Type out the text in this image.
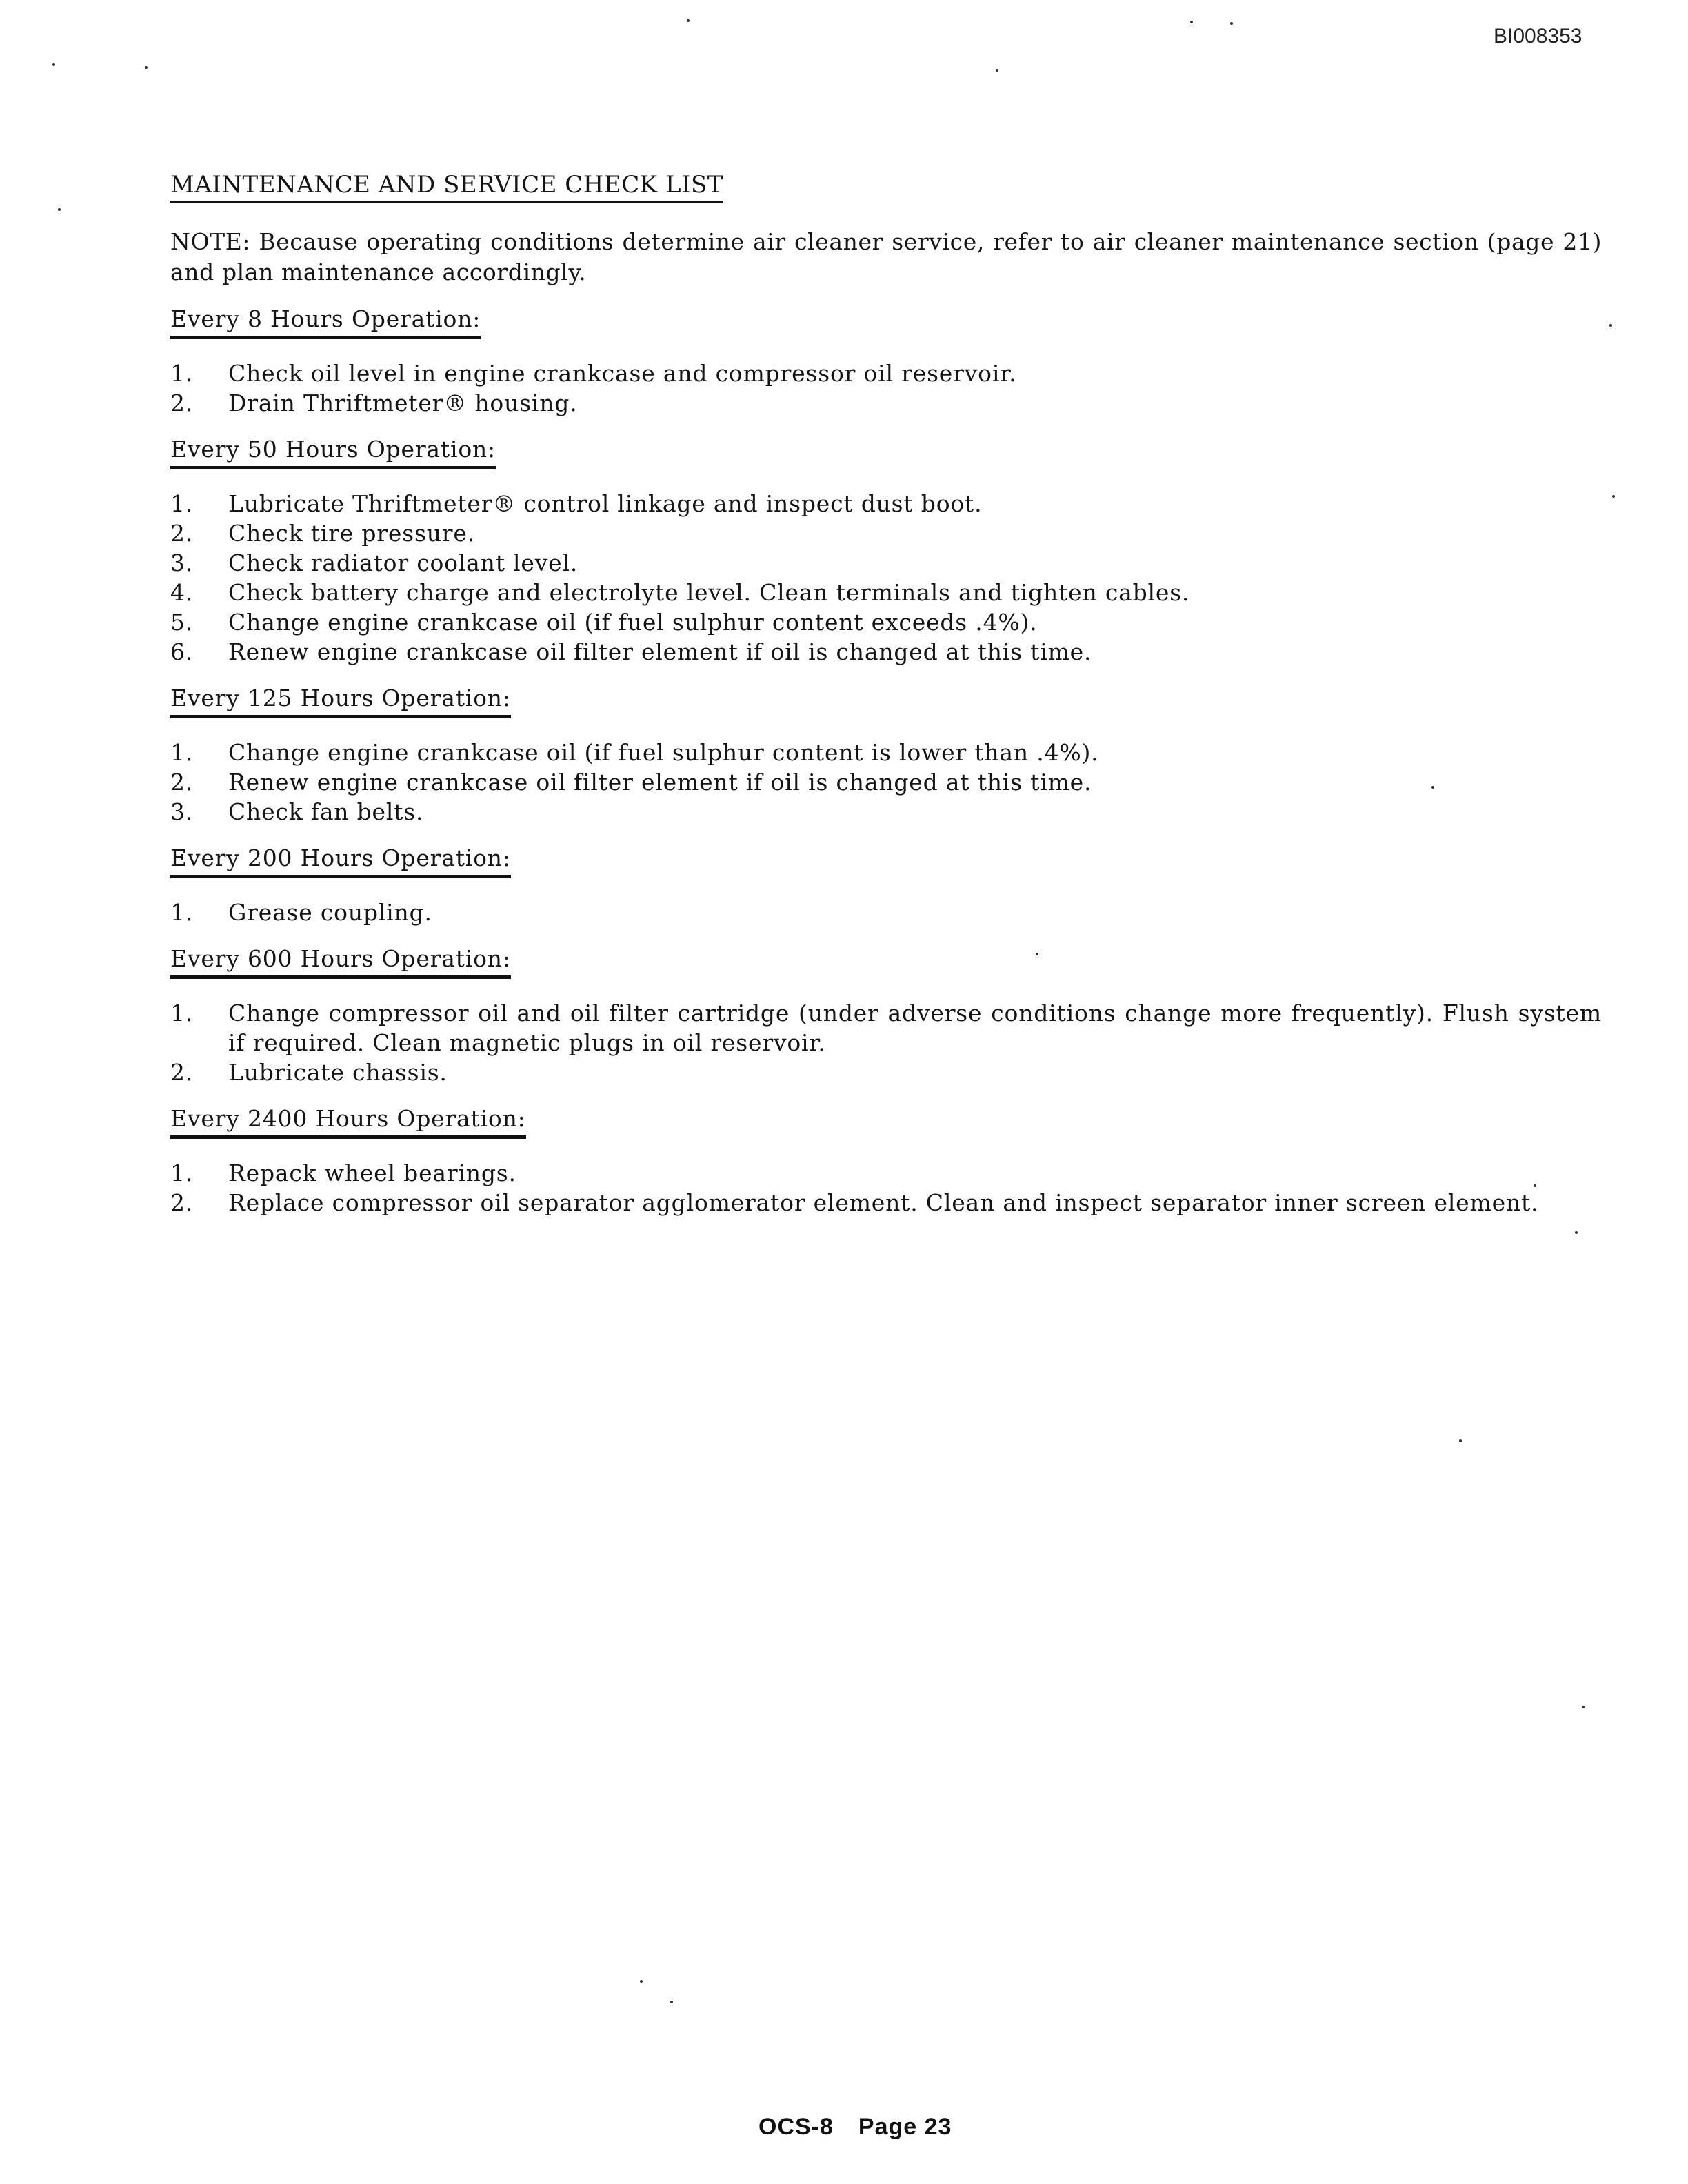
BI008353
MAINTENANCE AND SERVICE CHECK LIST
NOTE: Because operating conditions determine air cleaner service, refer to air cleaner maintenance section (page 21) and plan maintenance accordingly.
Every 8 Hours Operation:
1.	Check oil level in engine crankcase and compressor oil reservoir.
2.	Drain Thriftmeter® housing.
Every 50 Hours Operation:
1.	Lubricate Thriftmeter® control linkage and inspect dust boot.
2.	Check tire pressure.
3.	Check radiator coolant level.
4.	Check battery charge and electrolyte level. Clean terminals and tighten cables.
5.	Change engine crankcase oil (if fuel sulphur content exceeds .4%).
6.	Renew engine crankcase oil filter element if oil is changed at this time.
Every 125 Hours Operation:
1.	Change engine crankcase oil (if fuel sulphur content is lower than .4%).
2.	Renew engine crankcase oil filter element if oil is changed at this time.
3.	Check fan belts.
Every 200 Hours Operation:
1.	Grease coupling.
Every 600 Hours Operation:
1.	Change compressor oil and oil filter cartridge (under adverse conditions change more frequently). Flush system if required. Clean magnetic plugs in oil reservoir.
2.	Lubricate chassis.
Every 2400 Hours Operation:
1.	Repack wheel bearings.
2.	Replace compressor oil separator agglomerator element. Clean and inspect separator inner screen element.
OCS-8 Page 23
